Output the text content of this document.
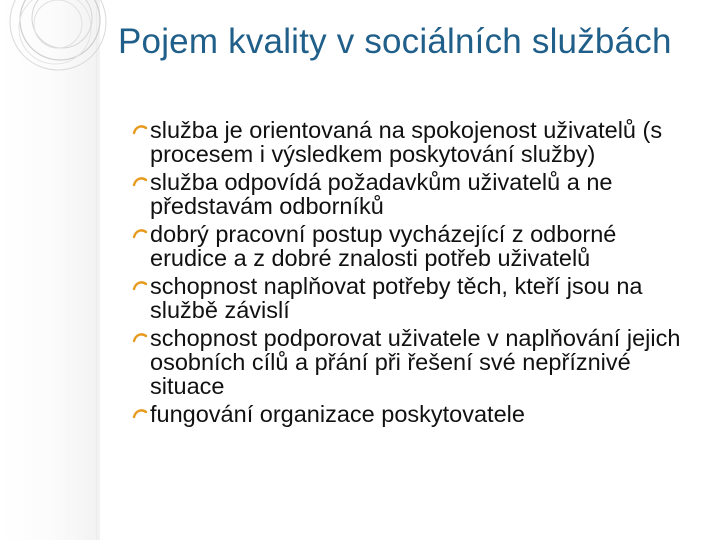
Pojem kvality v sociálních službách
služba je orientovaná na spokojenost uživatelů (s procesem i výsledkem poskytování služby)
služba odpovídá požadavkům uživatelů a ne představám odborníků
dobrý pracovní postup vycházející z odborné erudice a z dobré znalosti potřeb uživatelů
schopnost naplňovat potřeby těch, kteří jsou na službě závislí
schopnost podporovat uživatele v naplňování jejich osobních cílů a přání při řešení své nepříznivé situace
fungování organizace poskytovatele
